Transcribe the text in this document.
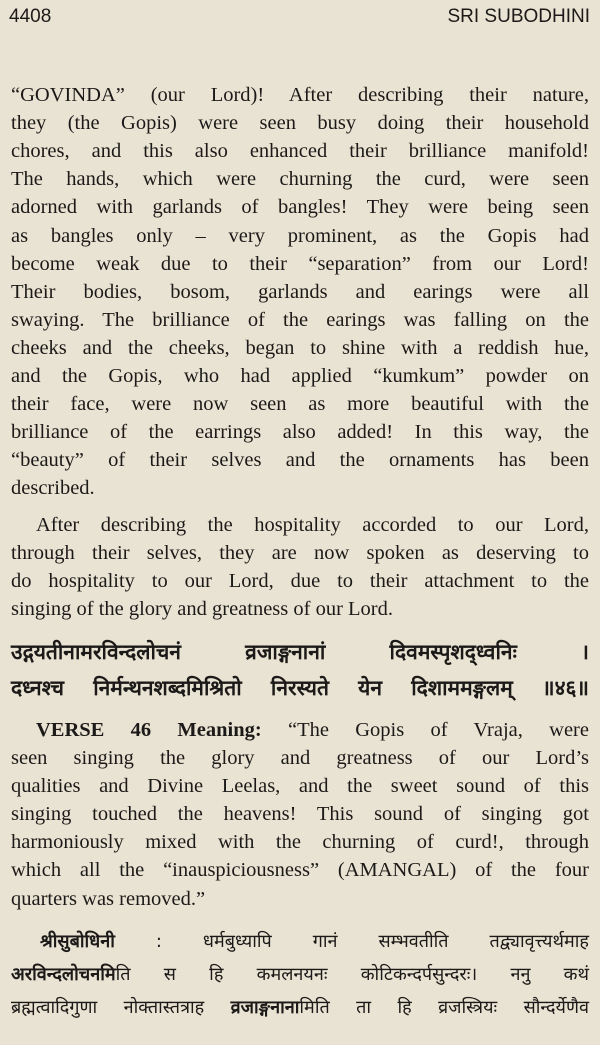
4408	SRI SUBODHINI
“GOVINDA” (our Lord)! After describing their nature,
they (the Gopis) were seen busy doing their household
chores, and this also enhanced their brilliance manifold!
The hands, which were churning the curd, were seen
adorned with garlands of bangles! They were being seen
as bangles only – very prominent, as the Gopis had
become weak due to their “separation” from our Lord!
Their bodies, bosom, garlands and earings were all
swaying. The brilliance of the earings was falling on the
cheeks and the cheeks, began to shine with a reddish hue,
and the Gopis, who had applied “kumkum” powder on
their face, were now seen as more beautiful with the
brilliance of the earrings also added! In this way, the
“beauty” of their selves and the ornaments has been
described.
After describing the hospitality accorded to our Lord,
through their selves, they are now spoken as deserving to
do hospitality to our Lord, due to their attachment to the
singing of the glory and greatness of our Lord.
उद्गयतीनामरविन्दलोचनं व्रजाङ्गनानां दिवमस्पृशद्ध्वनिः ।
दध्नश्च निर्मन्थनशब्दमिश्रितो निरस्यते येन दिशाममङ्गलम् ॥४६॥
VERSE 46 Meaning: “The Gopis of Vraja, were
seen singing the glory and greatness of our Lord’s
qualities and Divine Leelas, and the sweet sound of this
singing touched the heavens! This sound of singing got
harmoniously mixed with the churning of curd!, through
which all the “inauspiciousness” (AMANGAL) of the four
quarters was removed.”
श्रीसुबोधिनी : धर्मबुध्यापि गानं सम्भवतीति तद्व्यावृत्त्यर्थमाह
अरविन्दलोचनमिति स हि कमलनयनः कोटिकन्दर्पसुन्दरः। ननु कथं
ब्रह्मत्वादिगुणा नोक्तास्तत्राह व्रजाङ्गनानामिति ता हि व्रजस्त्रियः सौन्दर्येणैव
